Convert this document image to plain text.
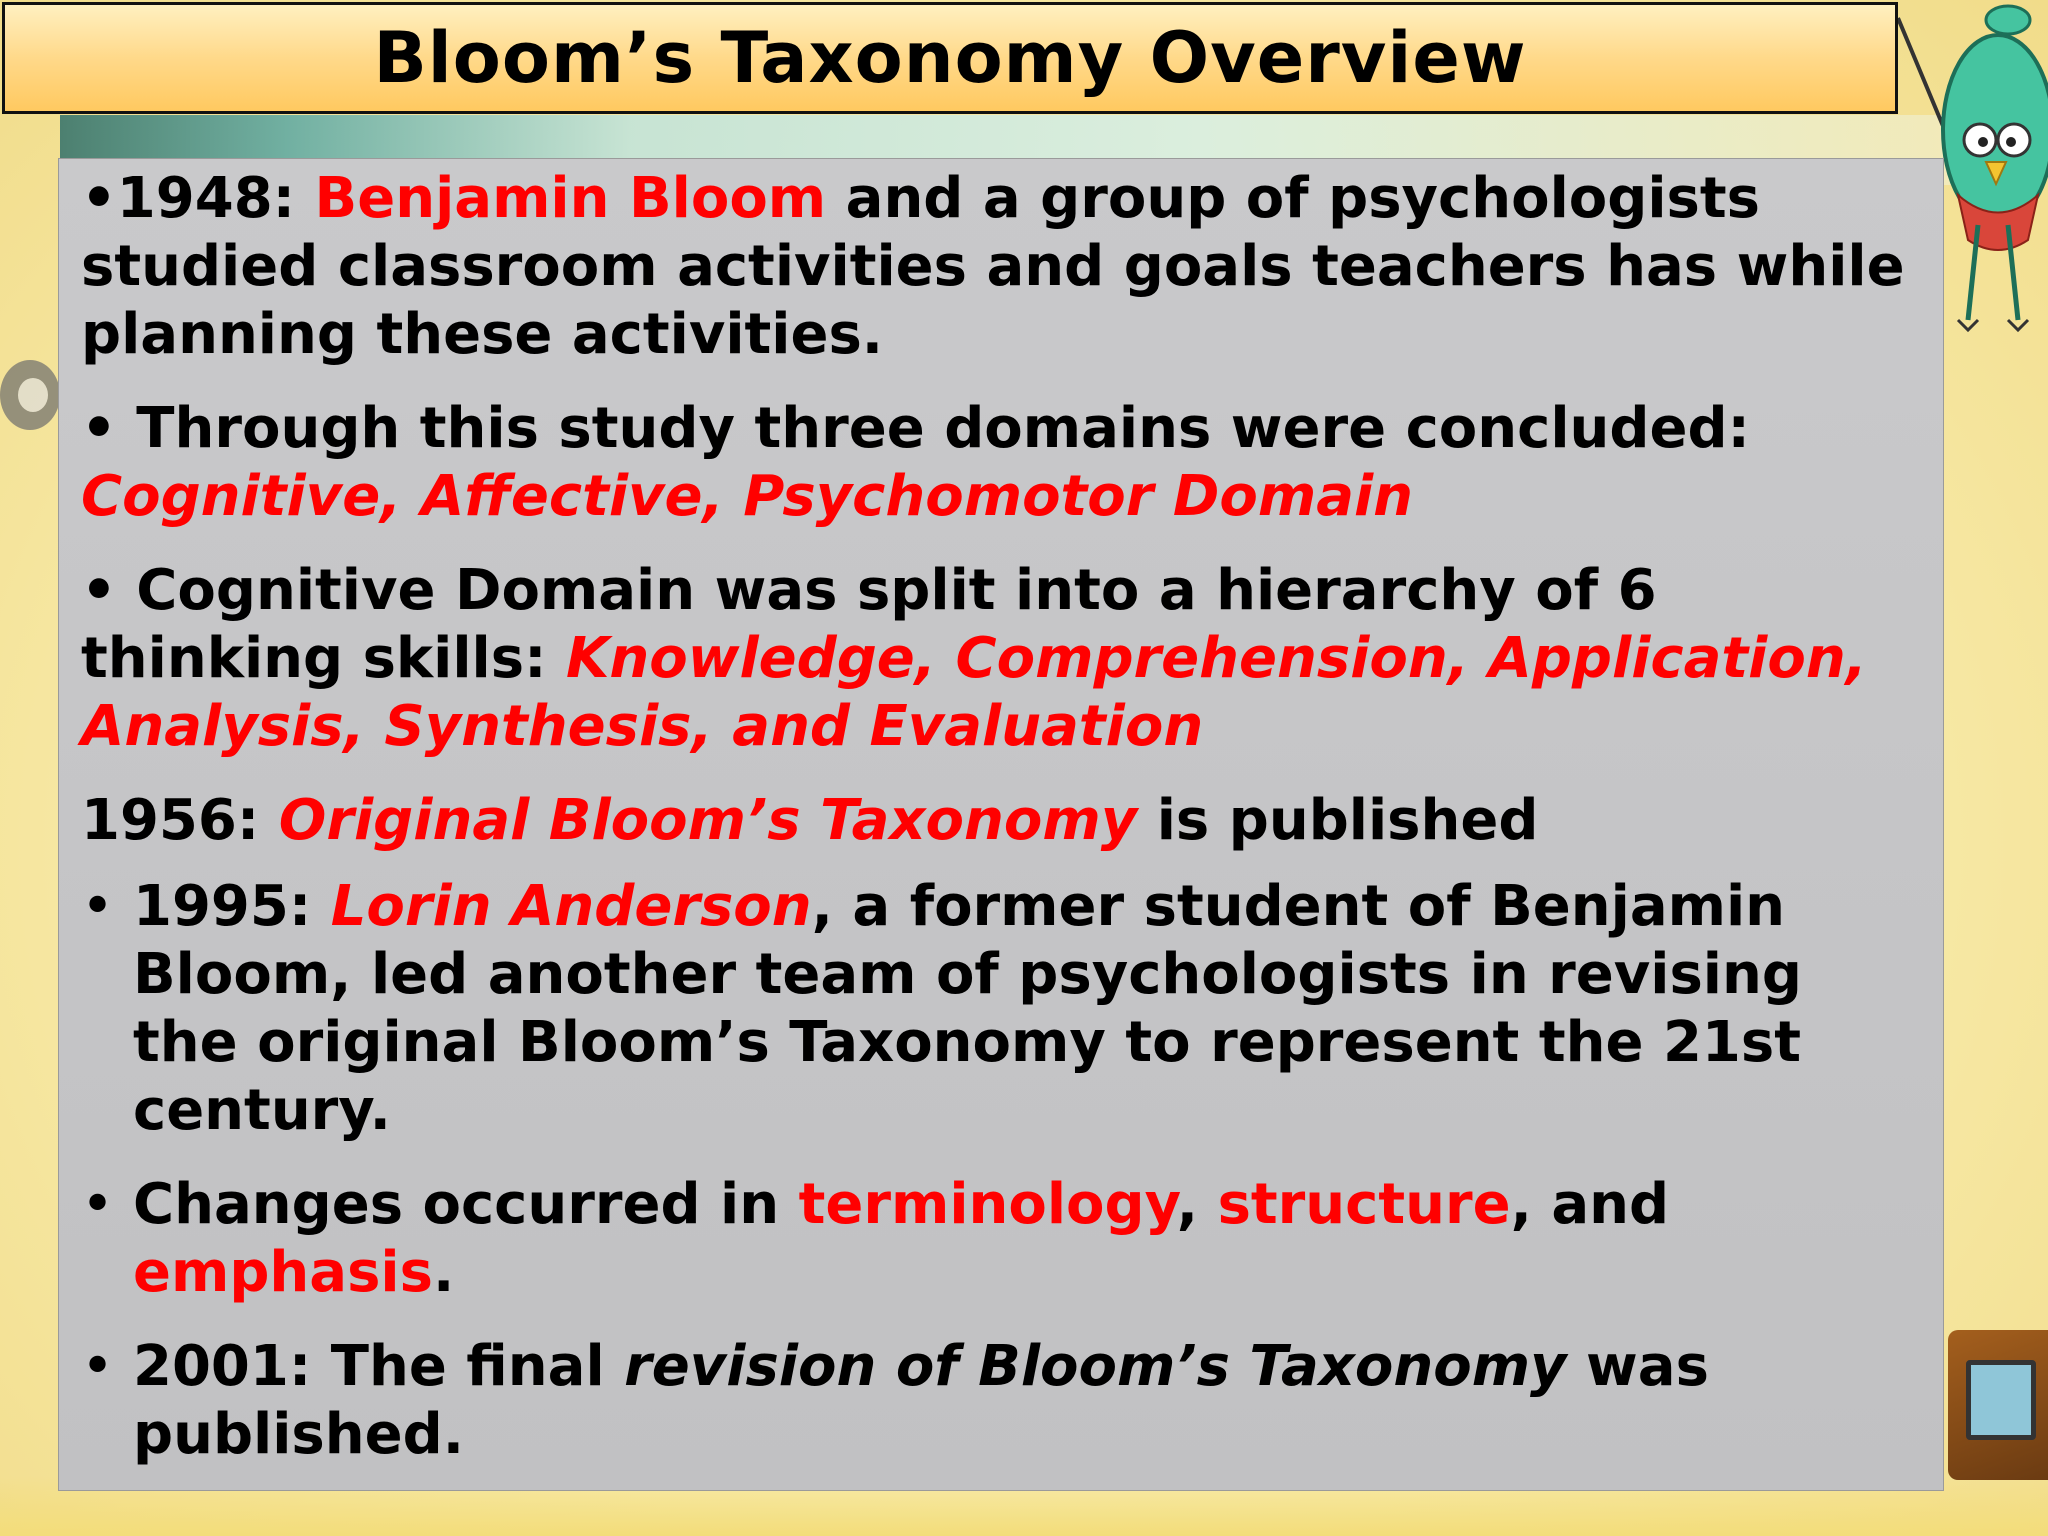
Bloom’s Taxonomy Overview

•1948: Benjamin Bloom and a group of psychologists studied classroom activities and goals teachers has while planning these activities.

• Through this study three domains were concluded: Cognitive, Affective, Psychomotor Domain

• Cognitive Domain was split into a hierarchy of 6 thinking skills: Knowledge, Comprehension, Application, Analysis, Synthesis, and Evaluation

1956: Original Bloom’s Taxonomy is published

• 1995: Lorin Anderson, a former student of Benjamin Bloom, led another team of psychologists in revising the original Bloom’s Taxonomy to represent the 21st century.

• Changes occurred in terminology, structure, and emphasis.

• 2001: The final revision of Bloom’s Taxonomy was published.
